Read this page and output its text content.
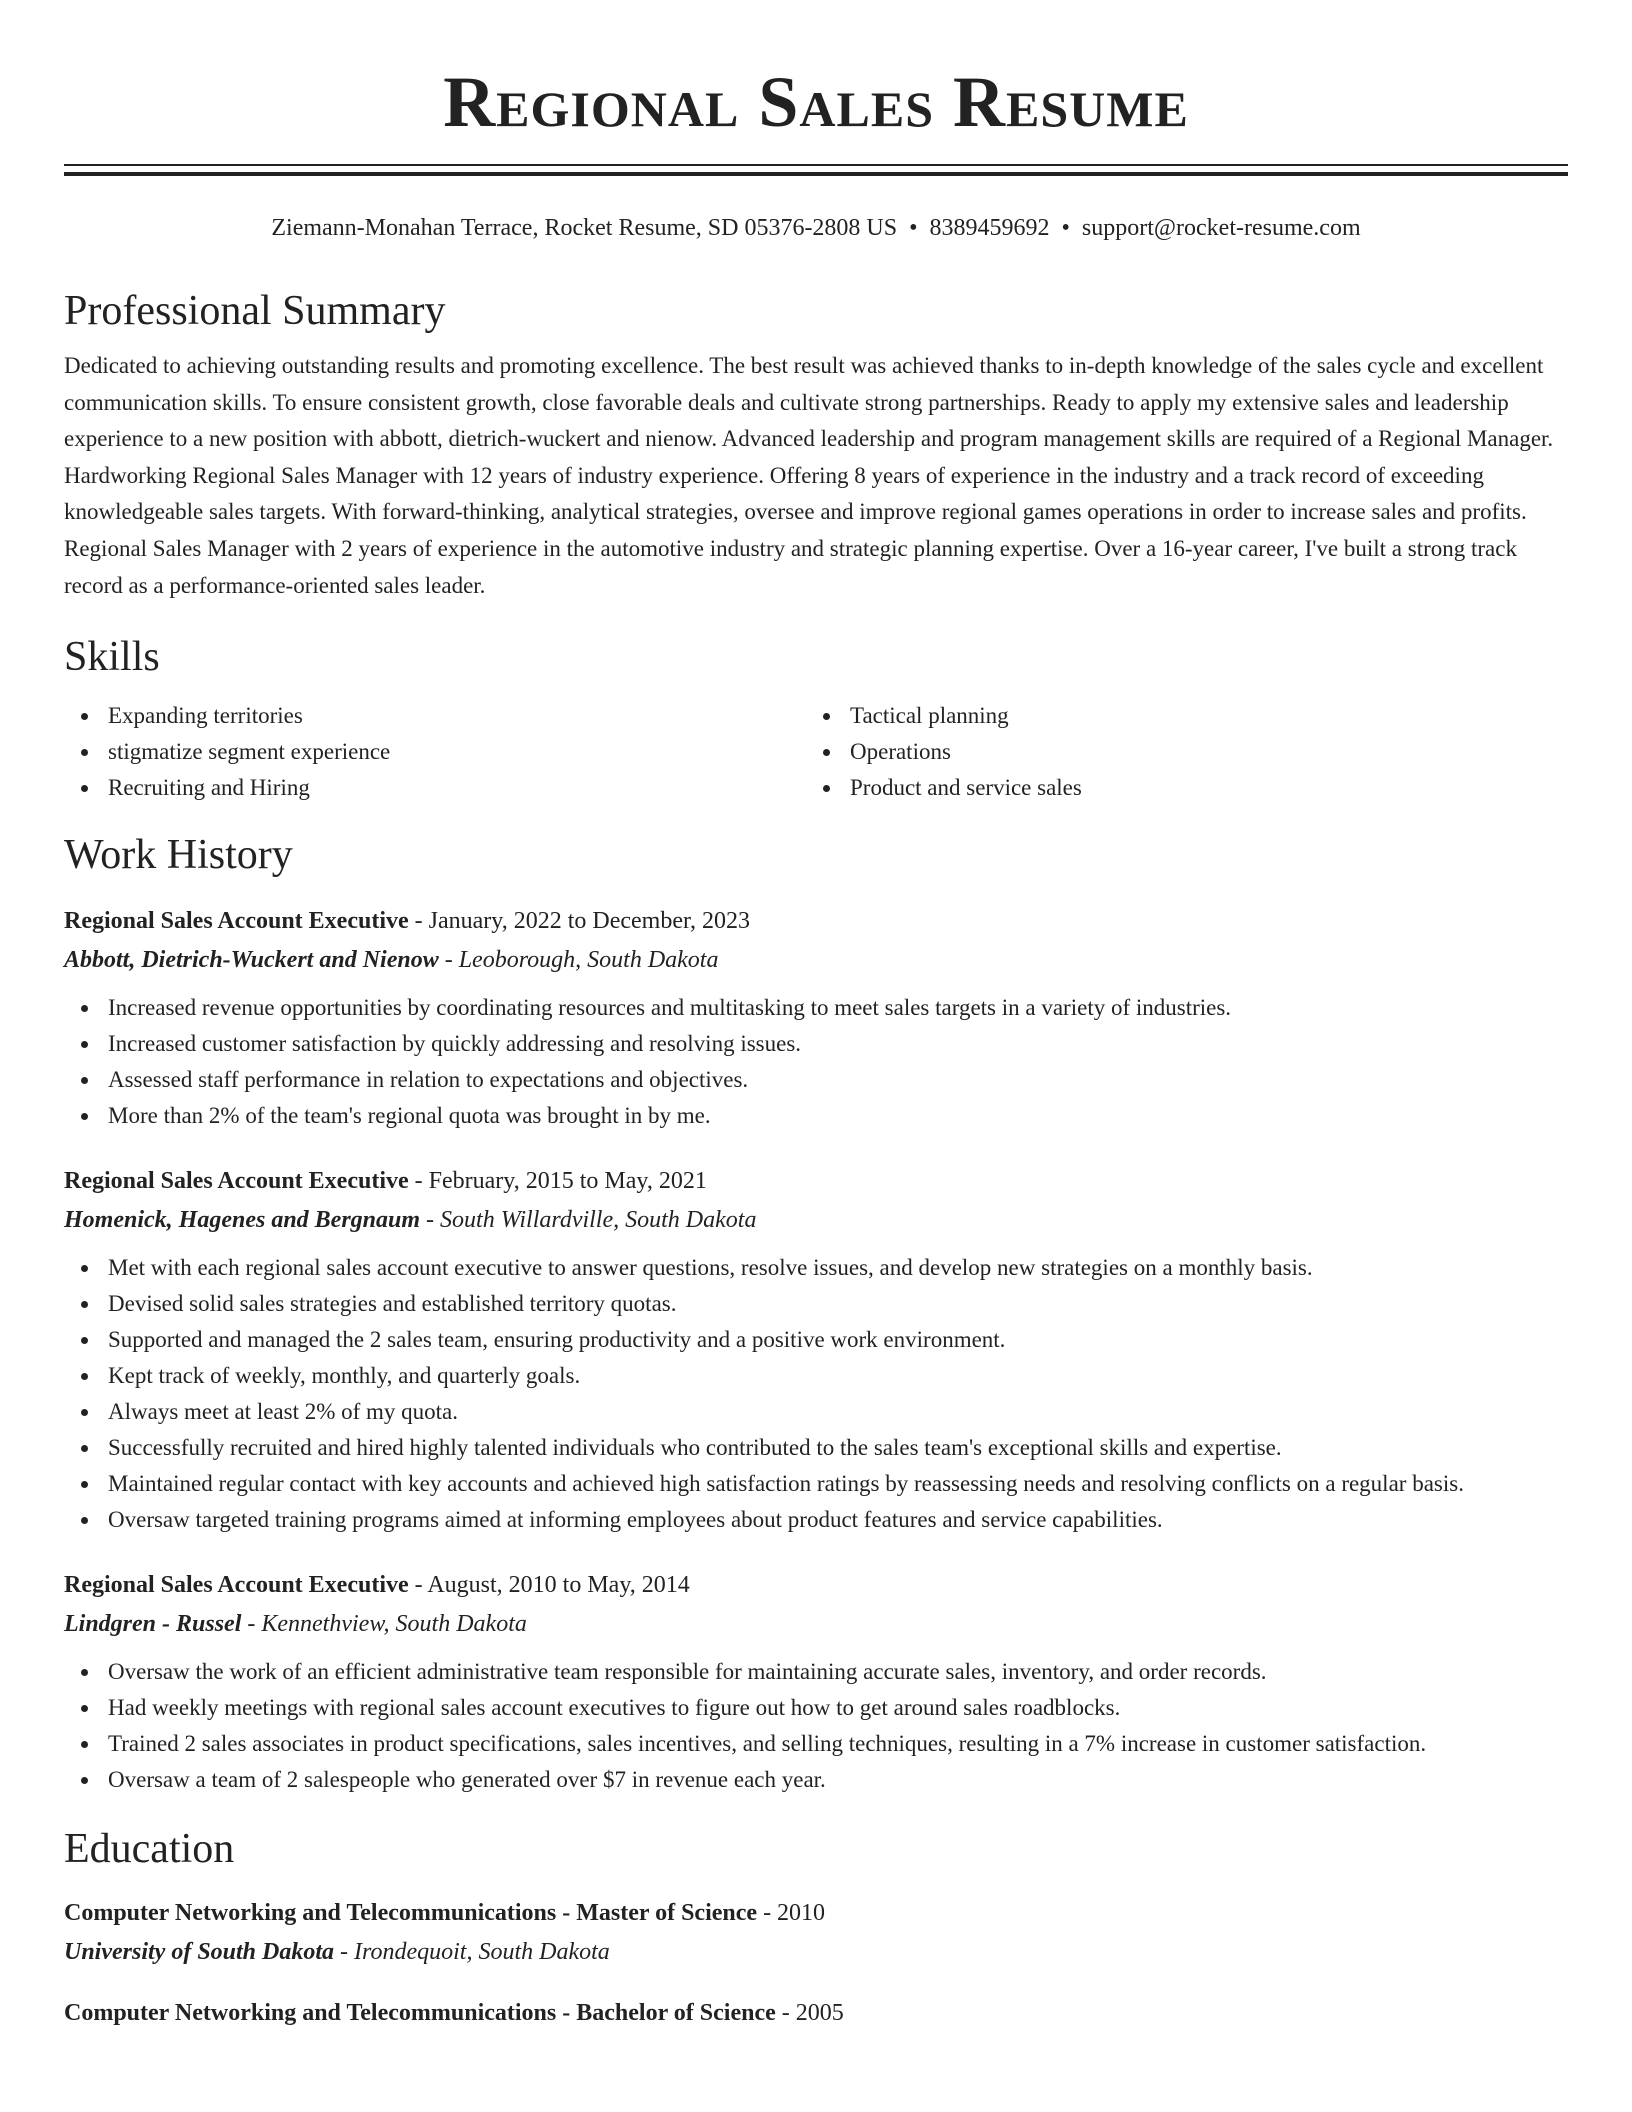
Regional Sales Resume
Ziemann-Monahan Terrace, Rocket Resume, SD 05376-2808 US • 8389459692 • support@rocket-resume.com
Professional Summary
Dedicated to achieving outstanding results and promoting excellence. The best result was achieved thanks to in-depth knowledge of the sales cycle and excellent communication skills. To ensure consistent growth, close favorable deals and cultivate strong partnerships. Ready to apply my extensive sales and leadership experience to a new position with abbott, dietrich-wuckert and nienow. Advanced leadership and program management skills are required of a Regional Manager. Hardworking Regional Sales Manager with 12 years of industry experience. Offering 8 years of experience in the industry and a track record of exceeding knowledgeable sales targets. With forward-thinking, analytical strategies, oversee and improve regional games operations in order to increase sales and profits. Regional Sales Manager with 2 years of experience in the automotive industry and strategic planning expertise. Over a 16-year career, I've built a strong track record as a performance-oriented sales leader.
Skills
Expanding territories
stigmatize segment experience
Recruiting and Hiring
Tactical planning
Operations
Product and service sales
Work History
Regional Sales Account Executive - January, 2022 to December, 2023
Abbott, Dietrich-Wuckert and Nienow - Leoborough, South Dakota
Increased revenue opportunities by coordinating resources and multitasking to meet sales targets in a variety of industries.
Increased customer satisfaction by quickly addressing and resolving issues.
Assessed staff performance in relation to expectations and objectives.
More than 2% of the team's regional quota was brought in by me.
Regional Sales Account Executive - February, 2015 to May, 2021
Homenick, Hagenes and Bergnaum - South Willardville, South Dakota
Met with each regional sales account executive to answer questions, resolve issues, and develop new strategies on a monthly basis.
Devised solid sales strategies and established territory quotas.
Supported and managed the 2 sales team, ensuring productivity and a positive work environment.
Kept track of weekly, monthly, and quarterly goals.
Always meet at least 2% of my quota.
Successfully recruited and hired highly talented individuals who contributed to the sales team's exceptional skills and expertise.
Maintained regular contact with key accounts and achieved high satisfaction ratings by reassessing needs and resolving conflicts on a regular basis.
Oversaw targeted training programs aimed at informing employees about product features and service capabilities.
Regional Sales Account Executive - August, 2010 to May, 2014
Lindgren - Russel - Kennethview, South Dakota
Oversaw the work of an efficient administrative team responsible for maintaining accurate sales, inventory, and order records.
Had weekly meetings with regional sales account executives to figure out how to get around sales roadblocks.
Trained 2 sales associates in product specifications, sales incentives, and selling techniques, resulting in a 7% increase in customer satisfaction.
Oversaw a team of 2 salespeople who generated over $7 in revenue each year.
Education
Computer Networking and Telecommunications - Master of Science - 2010
University of South Dakota - Irondequoit, South Dakota
Computer Networking and Telecommunications - Bachelor of Science - 2005
